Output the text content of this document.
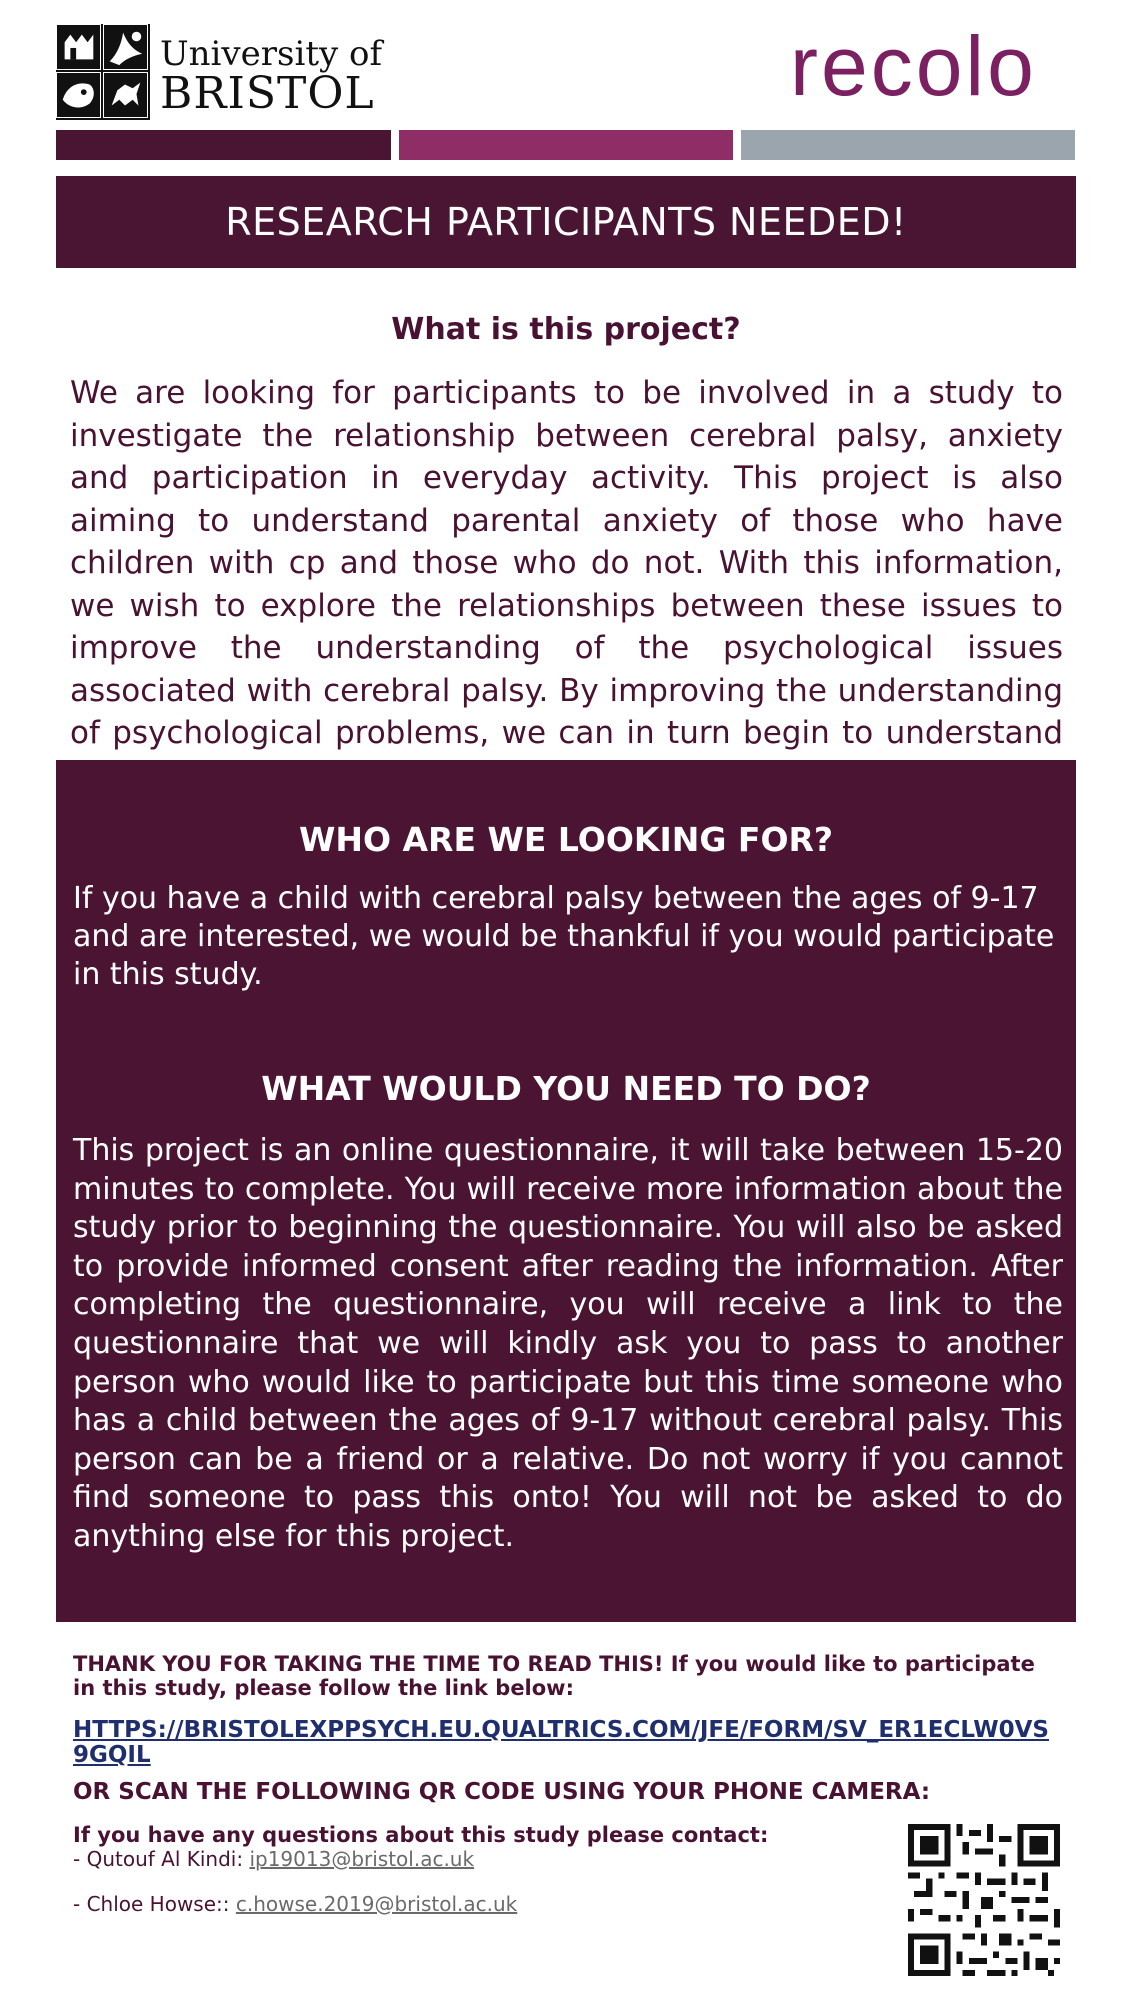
University of
BRISTOL	recolo
RESEARCH PARTICIPANTS NEEDED!
What is this project?
We are looking for participants to be involved in a study to investigate the relationship between cerebral palsy, anxiety and participation in everyday activity. This project is also aiming to understand parental anxiety of those who have children with cp and those who do not. With this information, we wish to explore the relationships between these issues to improve the understanding of the psychological issues associated with cerebral palsy. By improving the understanding of psychological problems, we can in turn begin to understand
WHO ARE WE LOOKING FOR?
If you have a child with cerebral palsy between the ages of 9-17 and are interested, we would be thankful if you would participate in this study.
WHAT WOULD YOU NEED TO DO?
This project is an online questionnaire, it will take between 15-20 minutes to complete. You will receive more information about the study prior to beginning the questionnaire. You will also be asked to provide informed consent after reading the information. After completing the questionnaire, you will receive a link to the questionnaire that we will kindly ask you to pass to another person who would like to participate but this time someone who has a child between the ages of 9-17 without cerebral palsy. This person can be a friend or a relative. Do not worry if you cannot find someone to pass this onto! You will not be asked to do anything else for this project.
THANK YOU FOR TAKING THE TIME TO READ THIS! If you would like to participate in this study, please follow the link below:
HTTPS://BRISTOLEXPPSYCH.EU.QUALTRICS.COM/JFE/FORM/SV_ER1ECLW0VS9GQIL
OR SCAN THE FOLLOWING QR CODE USING YOUR PHONE CAMERA:
If you have any questions about this study please contact:
- Qutouf Al Kindi: ip19013@bristol.ac.uk
- Chloe Howse:: c.howse.2019@bristol.ac.uk
